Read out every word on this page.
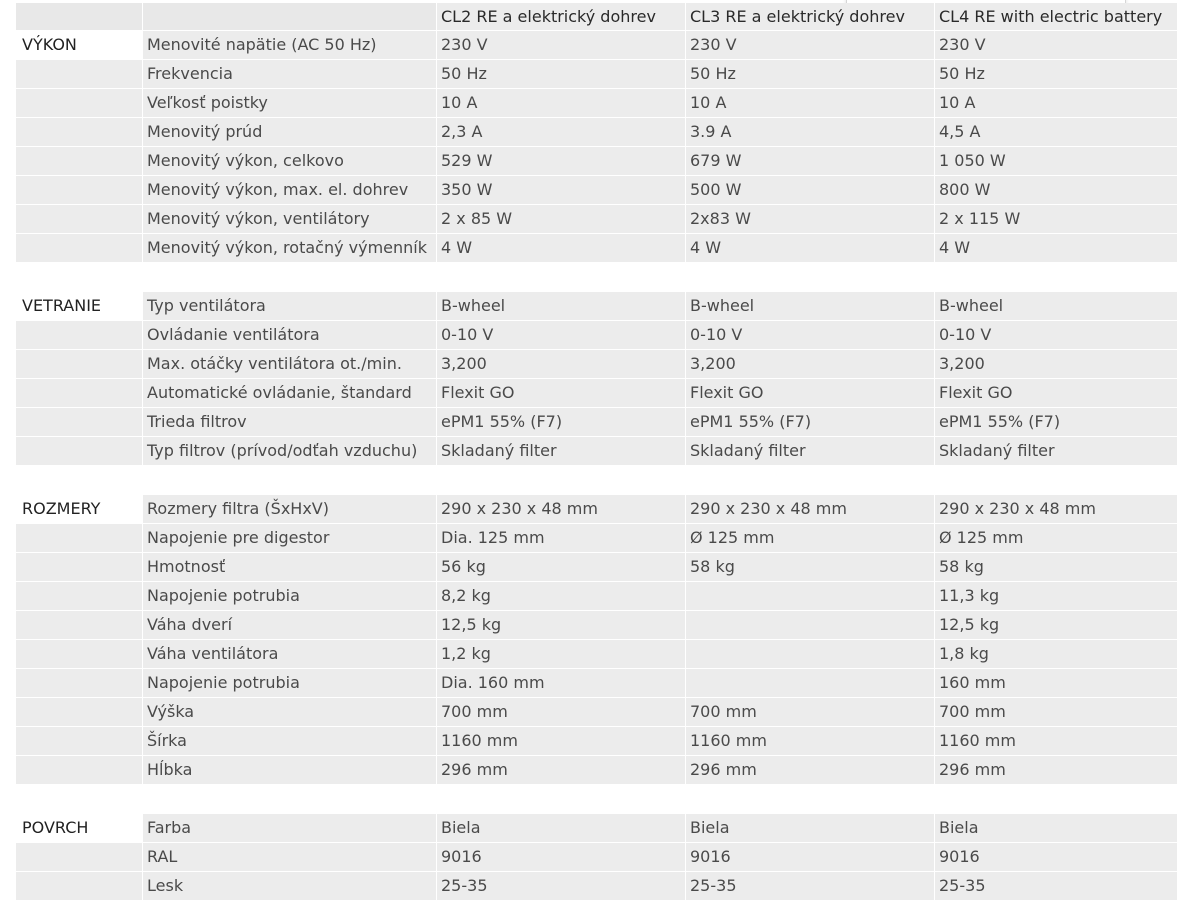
		CL2 RE a elektrický dohrev	CL3 RE a elektrický dohrev	CL4 RE with electric battery
VÝKON	Menovité napätie (AC 50 Hz)	230 V	230 V	230 V
	Frekvencia	50 Hz	50 Hz	50 Hz
	Veľkosť poistky	10 A	10 A	10 A
	Menovitý prúd	2,3 A	3.9 A	4,5 A
	Menovitý výkon, celkovo	529 W	679 W	1 050 W
	Menovitý výkon, max. el. dohrev	350 W	500 W	800 W
	Menovitý výkon, ventilátory	2 x 85 W	2x83 W	2 x 115 W
	Menovitý výkon, rotačný výmenník	4 W	4 W	4 W

VETRANIE	Typ ventilátora	B-wheel	B-wheel	B-wheel
	Ovládanie ventilátora	0-10 V	0-10 V	0-10 V
	Max. otáčky ventilátora ot./min.	3,200	3,200	3,200
	Automatické ovládanie, štandard	Flexit GO	Flexit GO	Flexit GO
	Trieda filtrov	ePM1 55% (F7)	ePM1 55% (F7)	ePM1 55% (F7)
	Typ filtrov (prívod/odťah vzduchu)	Skladaný filter	Skladaný filter	Skladaný filter

ROZMERY	Rozmery filtra (ŠxHxV)	290 x 230 x 48 mm	290 x 230 x 48 mm	290 x 230 x 48 mm
	Napojenie pre digestor	Dia. 125 mm	Ø 125 mm	Ø 125 mm
	Hmotnosť	56 kg	58 kg	58 kg
	Napojenie potrubia	8,2 kg		11,3 kg
	Váha dverí	12,5 kg		12,5 kg
	Váha ventilátora	1,2 kg		1,8 kg
	Napojenie potrubia	Dia. 160 mm		160 mm
	Výška	700 mm	700 mm	700 mm
	Šírka	1160 mm	1160 mm	1160 mm
	Hĺbka	296 mm	296 mm	296 mm

POVRCH	Farba	Biela	Biela	Biela
	RAL	9016	9016	9016
	Lesk	25-35	25-35	25-35
